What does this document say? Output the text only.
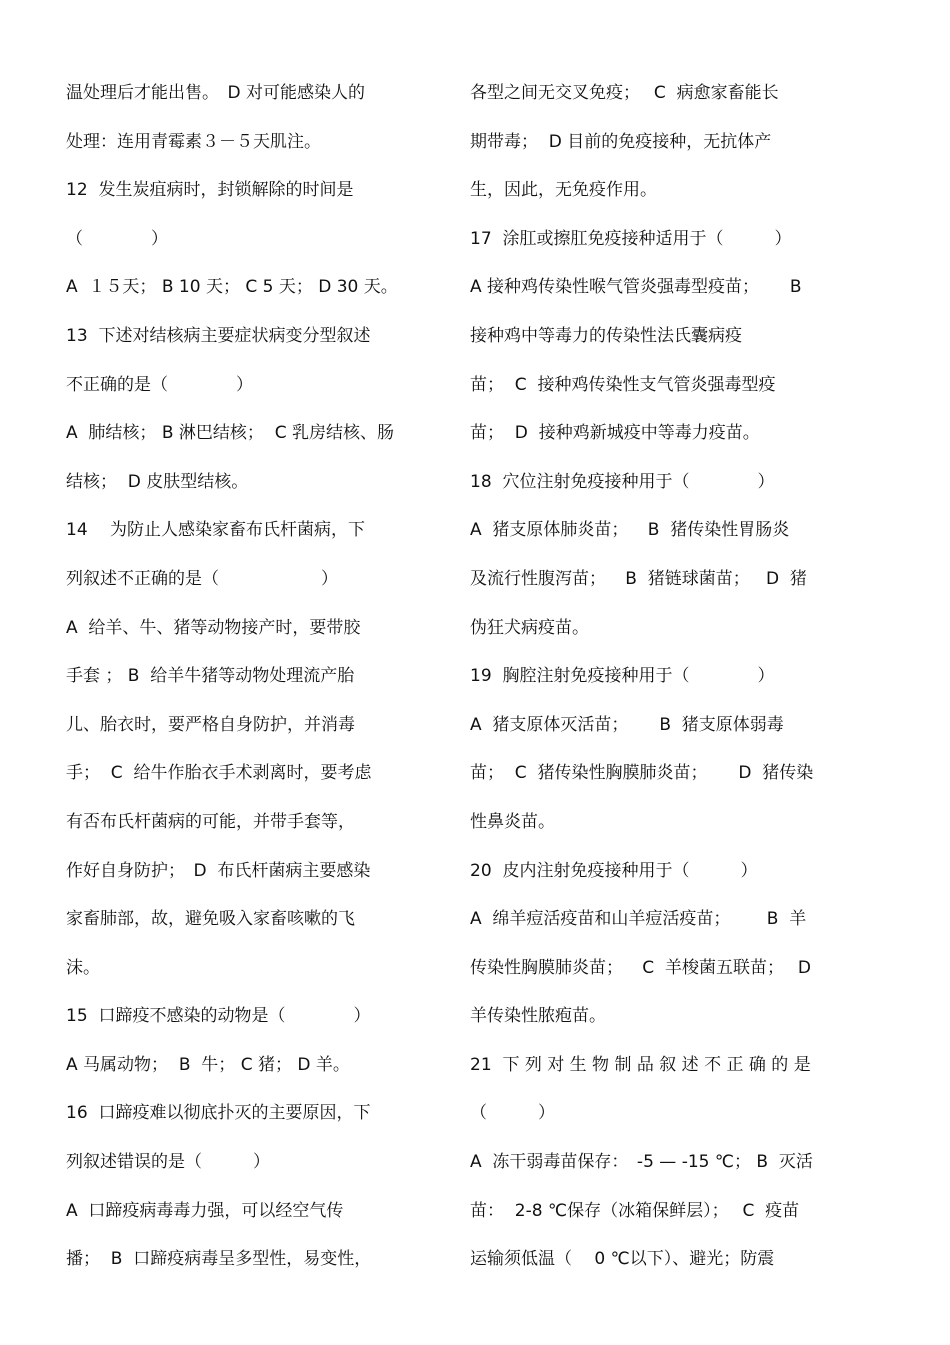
温处理后才能出售。　D 对可能感染人的
处理：连用青霉素３－５天肌注。
12  发生炭疽病时，封锁解除的时间是
（　　　　）
A  １５天； B 10 天； C 5 天； D 30 天。
13  下述对结核病主要症状病变分型叙述
不正确的是（　　　　）
A  肺结核； B 淋巴结核；  C 乳房结核、肠
结核；  D 皮肤型结核。
14　 为防止人感染家畜布氏杆菌病，下
列叙述不正确的是（　　　　　　）
A  给羊、牛、猪等动物接产时，要带胶
手套 ； B  给羊牛猪等动物处理流产胎
儿、胎衣时，要严格自身防护，并消毒
手；  C  给牛作胎衣手术剥离时，要考虑
有否布氏杆菌病的可能，并带手套等，
作好自身防护；　D  布氏杆菌病主要感染
家畜肺部，故，避免吸入家畜咳嗽的飞
沫。
15  口蹄疫不感染的动物是（　　　　）
A 马属动物；  B  牛； C 猪； D 羊。
16  口蹄疫难以彻底扑灭的主要原因，下
列叙述错误的是（　　　）
A  口蹄疫病毒毒力强，可以经空气传
播；  B  口蹄疫病毒呈多型性，易变性，
各型之间无交叉免疫；　 C  病愈家畜能长
期带毒；  D 目前的免疫接种，无抗体产
生，因此，无免疫作用。
17  涂肛或擦肛免疫接种适用于（　　　）
A 接种鸡传染性喉气管炎强毒型疫苗；　　 B
接种鸡中等毒力的传染性法氏囊病疫
苗；  C  接种鸡传染性支气管炎强毒型疫
苗；  D  接种鸡新城疫中等毒力疫苗。
18  穴位注射免疫接种用于（　　　　）
A  猪支原体肺炎苗；　  B  猪传染性胃肠炎
及流行性腹泻苗；　  B  猪链球菌苗；   D  猪
伪狂犬病疫苗。
19  胸腔注射免疫接种用于（　　　　）
A  猪支原体灭活苗；　　 B  猪支原体弱毒
苗；  C  猪传染性胸膜肺炎苗；　　 D  猪传染
性鼻炎苗。
20  皮内注射免疫接种用于（　　　）
A  绵羊痘活疫苗和山羊痘活疫苗；　　  B  羊
传染性胸膜肺炎苗；　  C  羊梭菌五联苗；　 D
羊传染性脓疱苗。
21  下 列 对 生 物 制 品 叙 述 不 正 确 的 是
（　　　）
A  冻干弱毒苗保存：　-5 — -15 ℃； B  灭活
苗：  2-8 ℃保存（冰箱保鲜层）；　 C  疫苗
运输须低温（　 0 ℃以下）、避光；防震
